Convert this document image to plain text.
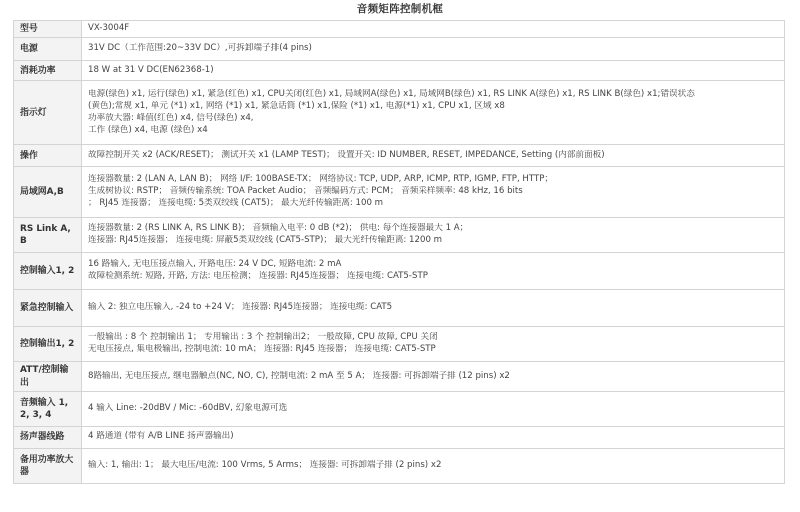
音频矩阵控制机框
型号	VX-3004F

电源	31V DC（工作范围:20~33V DC）,可拆卸端子排(4 pins)

消耗功率	18 W at 31 V DC(EN62368-1)

指示灯	电源(绿色) x1, 运行(绿色) x1, 紧急(红色) x1, CPU关闭(红色) x1, 局域网A(绿色) x1, 局域网B(绿色) x1, RS LINK A(绿色) x1, RS LINK B(绿色) x1;错误状态
(黄色);常规 x1, 单元 (*1) x1, 网络 (*1) x1, 紧急话筒 (*1) x1,保险 (*1) x1, 电源(*1) x1, CPU x1, 区域 x8
功率放大器: 峰值(红色) x4, 信号(绿色) x4,
工作 (绿色) x4, 电源 (绿色) x4

操作	故障控制开关 x2 (ACK/RESET)； 测试开关 x1 (LAMP TEST)； 设置开关: ID NUMBER, RESET, IMPEDANCE, Setting (内部前面板)

局域网A,B	连接器数量: 2 (LAN A, LAN B)； 网络 I/F: 100BASE-TX； 网络协议: TCP, UDP, ARP, ICMP, RTP, IGMP, FTP, HTTP；
生成树协议: RSTP； 音频传输系统: TOA Packet Audio； 音频编码方式: PCM； 音频采样频率: 48 kHz, 16 bits
； RJ45 连接器； 连接电缆: 5类双绞线 (CAT5)； 最大光纤传输距离: 100 m

RS Link A, B	连接器数量: 2 (RS LINK A, RS LINK B)； 音频输入电平: 0 dB (*2)； 供电: 每个连接器最大 1 A；
连接器: RJ45连接器； 连接电缆: 屏蔽5类双绞线 (CAT5-STP)； 最大光纤传输距离: 1200 m

控制输入1, 2	16 路输入, 无电压接点输入, 开路电压: 24 V DC, 短路电流: 2 mA
故障检测系统: 短路, 开路, 方法: 电压检测； 连接器: RJ45连接器； 连接电缆: CAT5-STP

紧急控制输入	输入 2: 独立电压输入, -24 to +24 V； 连接器: RJ45连接器； 连接电缆: CAT5

控制输出1, 2	一般输出 : 8 个 控制输出 1； 专用输出 : 3 个 控制输出2； 一般故障, CPU 故障, CPU 关闭
无电压接点, 集电极输出, 控制电流: 10 mA； 连接器: RJ45 连接器； 连接电缆: CAT5-STP

ATT/控制输出	8路输出, 无电压接点, 继电器触点(NC, NO, C), 控制电流: 2 mA 至 5 A； 连接器: 可拆卸端子排 (12 pins) x2

音频输入 1, 2, 3, 4	4 输入 Line: -20dBV / Mic: -60dBV, 幻象电源可选

扬声器线路	4 路通道 (带有 A/B LINE 扬声器输出)

备用功率放大器	输入: 1, 输出: 1； 最大电压/电流: 100 Vrms, 5 Arms； 连接器: 可拆卸端子排 (2 pins) x2
